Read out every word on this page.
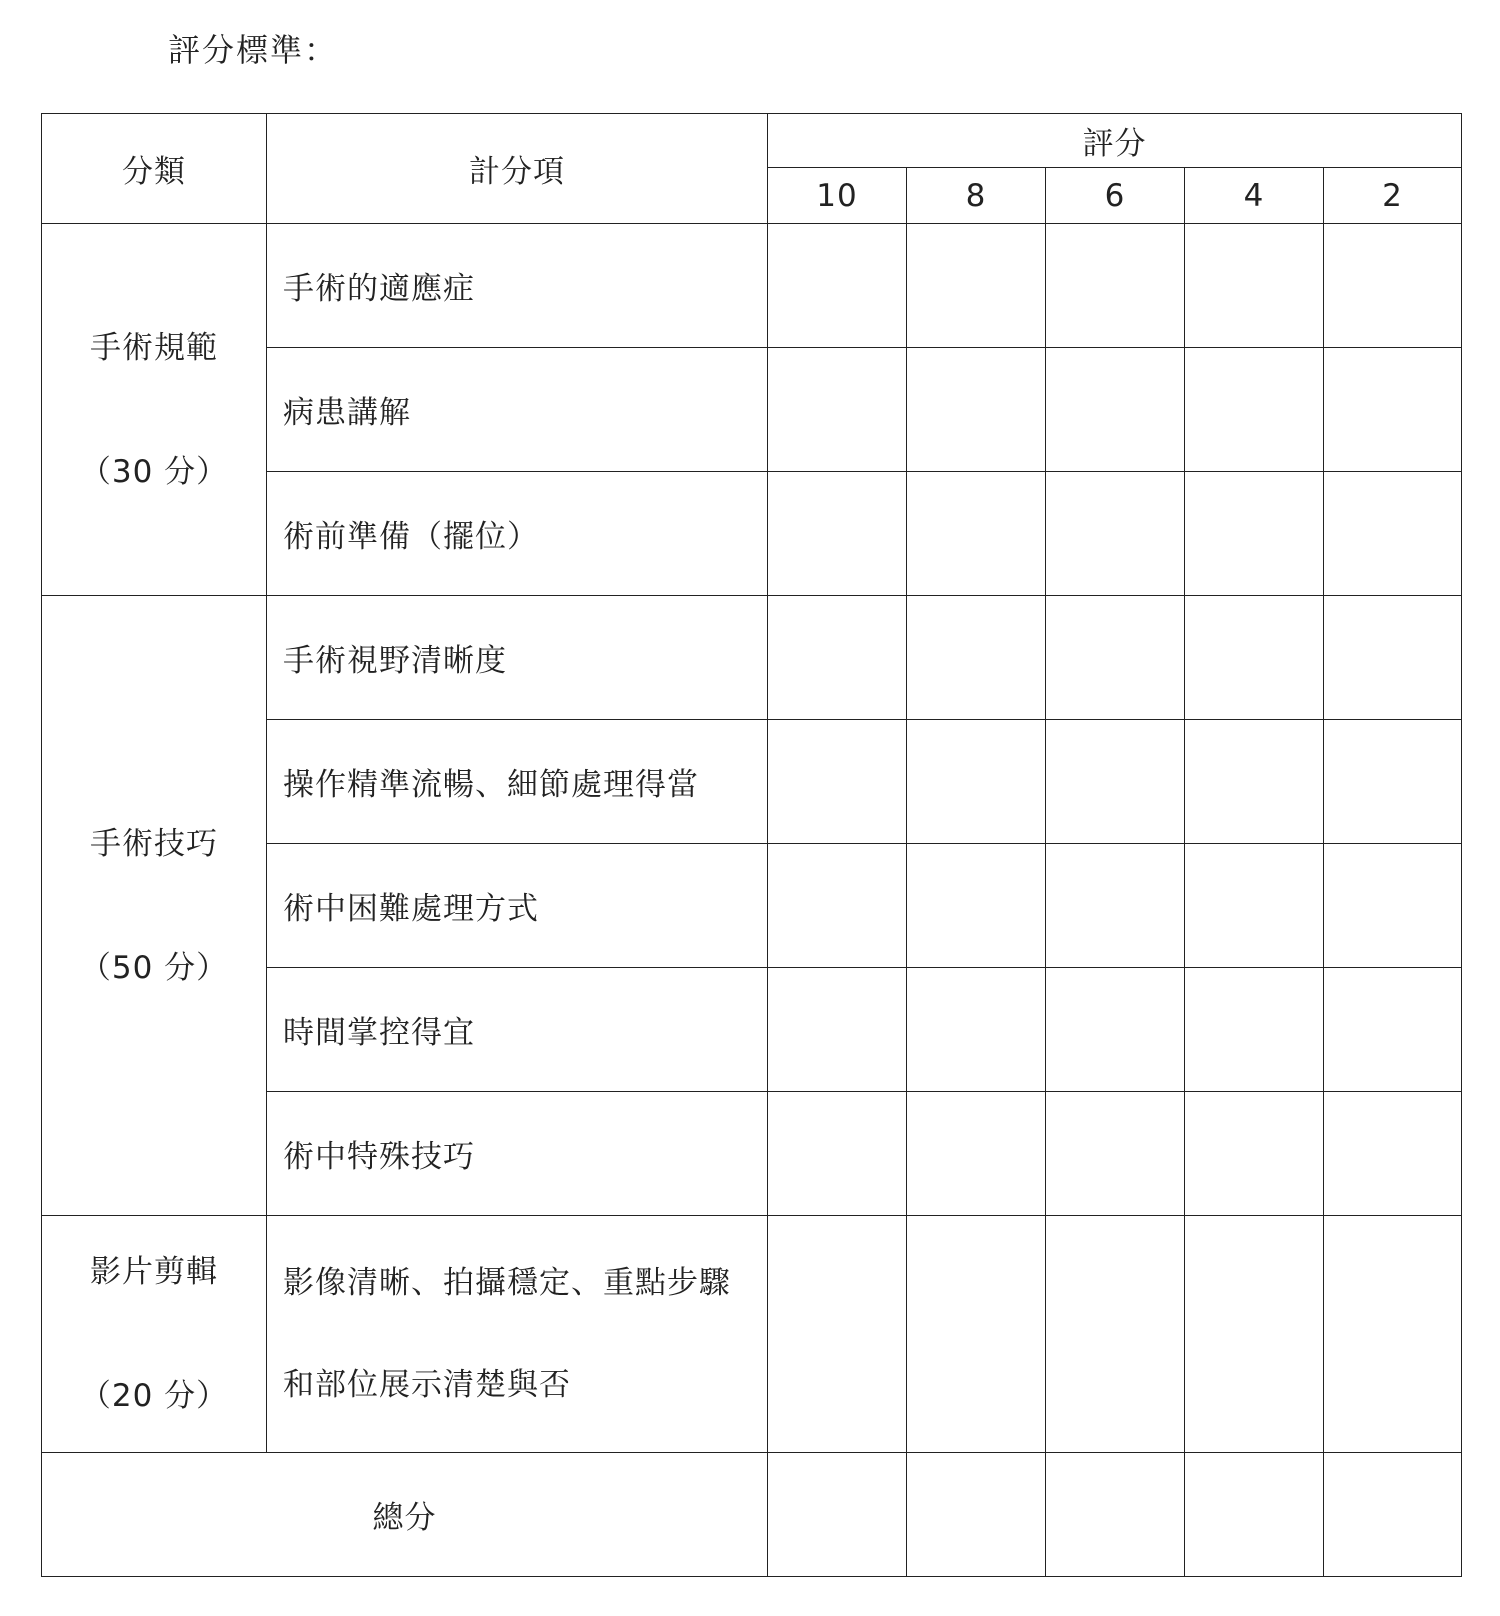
評分標準：
分類	計分項	評分				
		10	8	6	4	2

手術規範
（30 分）	手術的適應症					
	病患講解					
	術前準備（擺位）					

手術技巧
（50 分）	手術視野清晰度					
	操作精準流暢、細節處理得當					
	術中困難處理方式					
	時間掌控得宜					
	術中特殊技巧					

影片剪輯
（20 分）	影像清晰、拍攝穩定、重點步驟
和部位展示清楚與否					

總分						
